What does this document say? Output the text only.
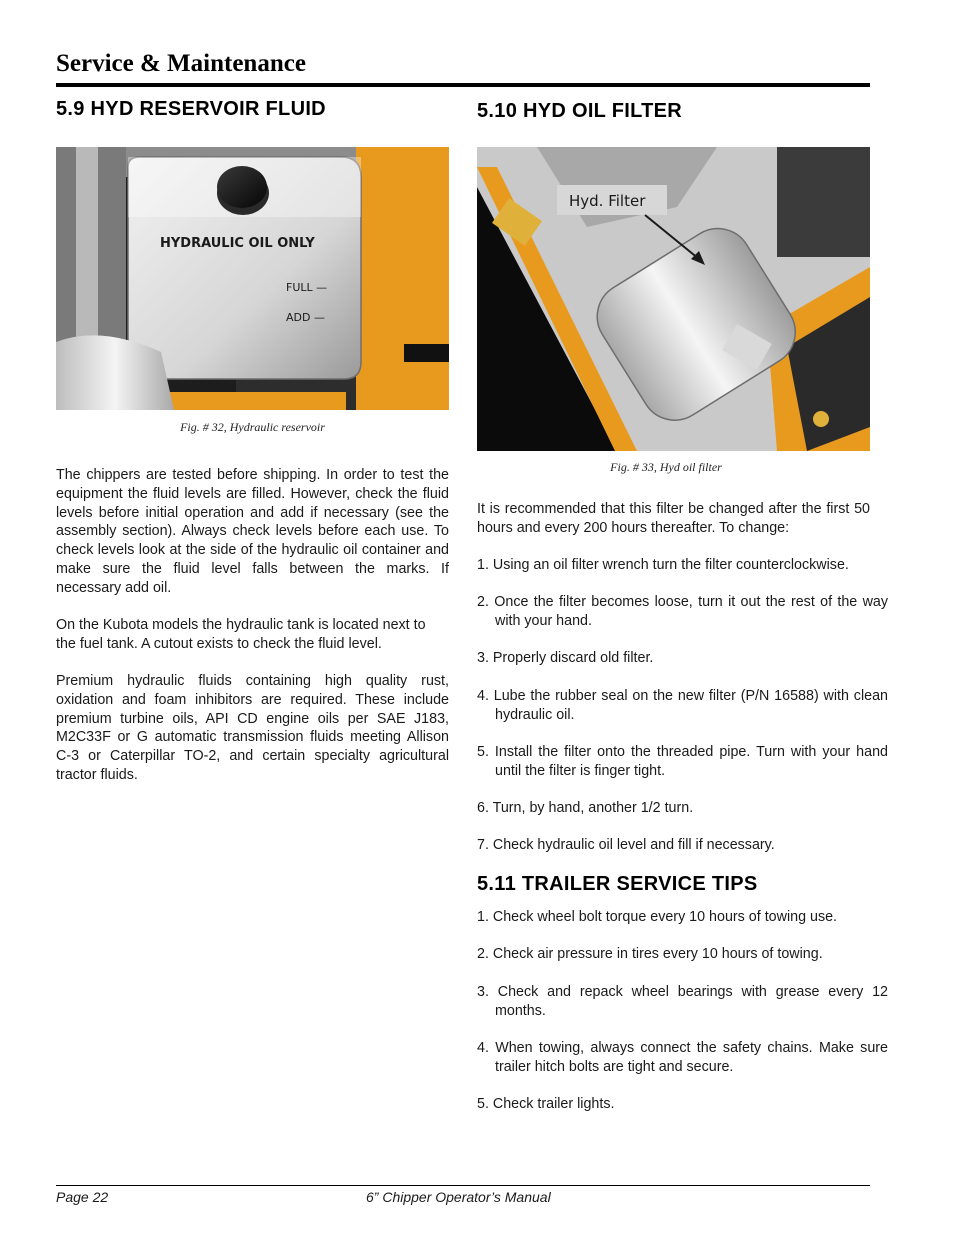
Service & Maintenance
5.9 HYD RESERVOIR FLUID
HYDRAULIC OIL ONLY
FULL —
ADD —
Fig. # 32, Hydraulic reservoir

The chippers are tested before shipping. In order to test the equipment the fluid levels are filled. However, check the fluid levels before initial operation and add if necessary (see the assembly section). Always check levels before each use. To check levels look at the side of the hydraulic oil container and make sure the fluid level falls between the marks. If necessary add oil.

On the Kubota models the hydraulic tank is located next to the fuel tank. A cutout exists to check the fluid level.

Premium hydraulic fluids containing high quality rust, oxidation and foam inhibitors are required. These include premium turbine oils, API CD engine oils per SAE J183, M2C33F or G automatic transmission fluids meeting Allison C-3 or Caterpillar TO-2, and certain specialty agricultural tractor fluids.

5.10 HYD OIL FILTER
Hyd. Filter
Fig. # 33, Hyd oil filter

It is recommended that this filter be changed after the first 50 hours and every 200 hours thereafter. To change:

1. Using an oil filter wrench turn the filter counterclockwise.

2. Once the filter becomes loose, turn it out the rest of the way with your hand.

3. Properly discard old filter.

4. Lube the rubber seal on the new filter (P/N 16588) with clean hydraulic oil.

5. Install the filter onto the threaded pipe. Turn with your hand until the filter is finger tight.

6. Turn, by hand, another 1/2 turn.

7. Check hydraulic oil level and fill if necessary.

5.11 TRAILER SERVICE TIPS

1. Check wheel bolt torque every 10 hours of towing use.

2. Check air pressure in tires every 10 hours of towing.

3. Check and repack wheel bearings with grease every 12 months.

4. When towing, always connect the safety chains. Make sure trailer hitch bolts are tight and secure.

5. Check trailer lights.

Page 22	6” Chipper Operator’s Manual
